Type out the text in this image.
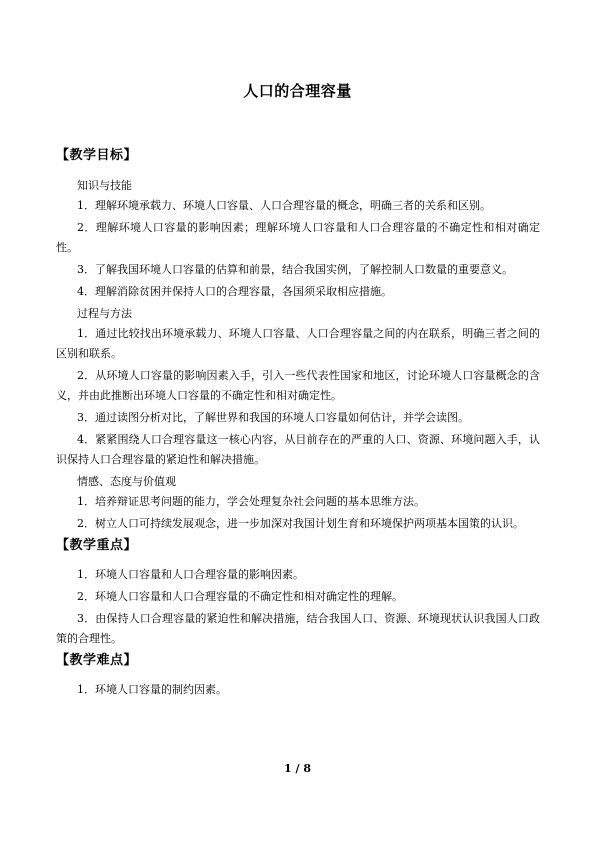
人口的合理容量
【教学目标】
知识与技能

1．理解环境承载力、环境人口容量、人口合理容量的概念，明确三者的关系和区别。

2．理解环境人口容量的影响因素；理解环境人口容量和人口合理容量的不确定性和相对确定性。

3．了解我国环境人口容量的估算和前景，结合我国实例，了解控制人口数量的重要意义。

4．理解消除贫困并保持人口的合理容量，各国须采取相应措施。

过程与方法

1．通过比较找出环境承载力、环境人口容量、人口合理容量之间的内在联系，明确三者之间的区别和联系。

2．从环境人口容量的影响因素入手，引入一些代表性国家和地区，讨论环境人口容量概念的含义，并由此推断出环境人口容量的不确定性和相对确定性。

3．通过读图分析对比，了解世界和我国的环境人口容量如何估计，并学会读图。

4．紧紧围绕人口合理容量这一核心内容，从目前存在的严重的人口、资源、环境问题入手，认识保持人口合理容量的紧迫性和解决措施。

情感、态度与价值观

1．培养辩证思考问题的能力，学会处理复杂社会问题的基本思维方法。

2．树立人口可持续发展观念，进一步加深对我国计划生育和环境保护两项基本国策的认识。

【教学重点】

1．环境人口容量和人口合理容量的影响因素。

2．环境人口容量和人口合理容量的不确定性和相对确定性的理解。

3．由保持人口合理容量的紧迫性和解决措施，结合我国人口、资源、环境现状认识我国人口政策的合理性。

【教学难点】

1．环境人口容量的制约因素。

1 / 8
